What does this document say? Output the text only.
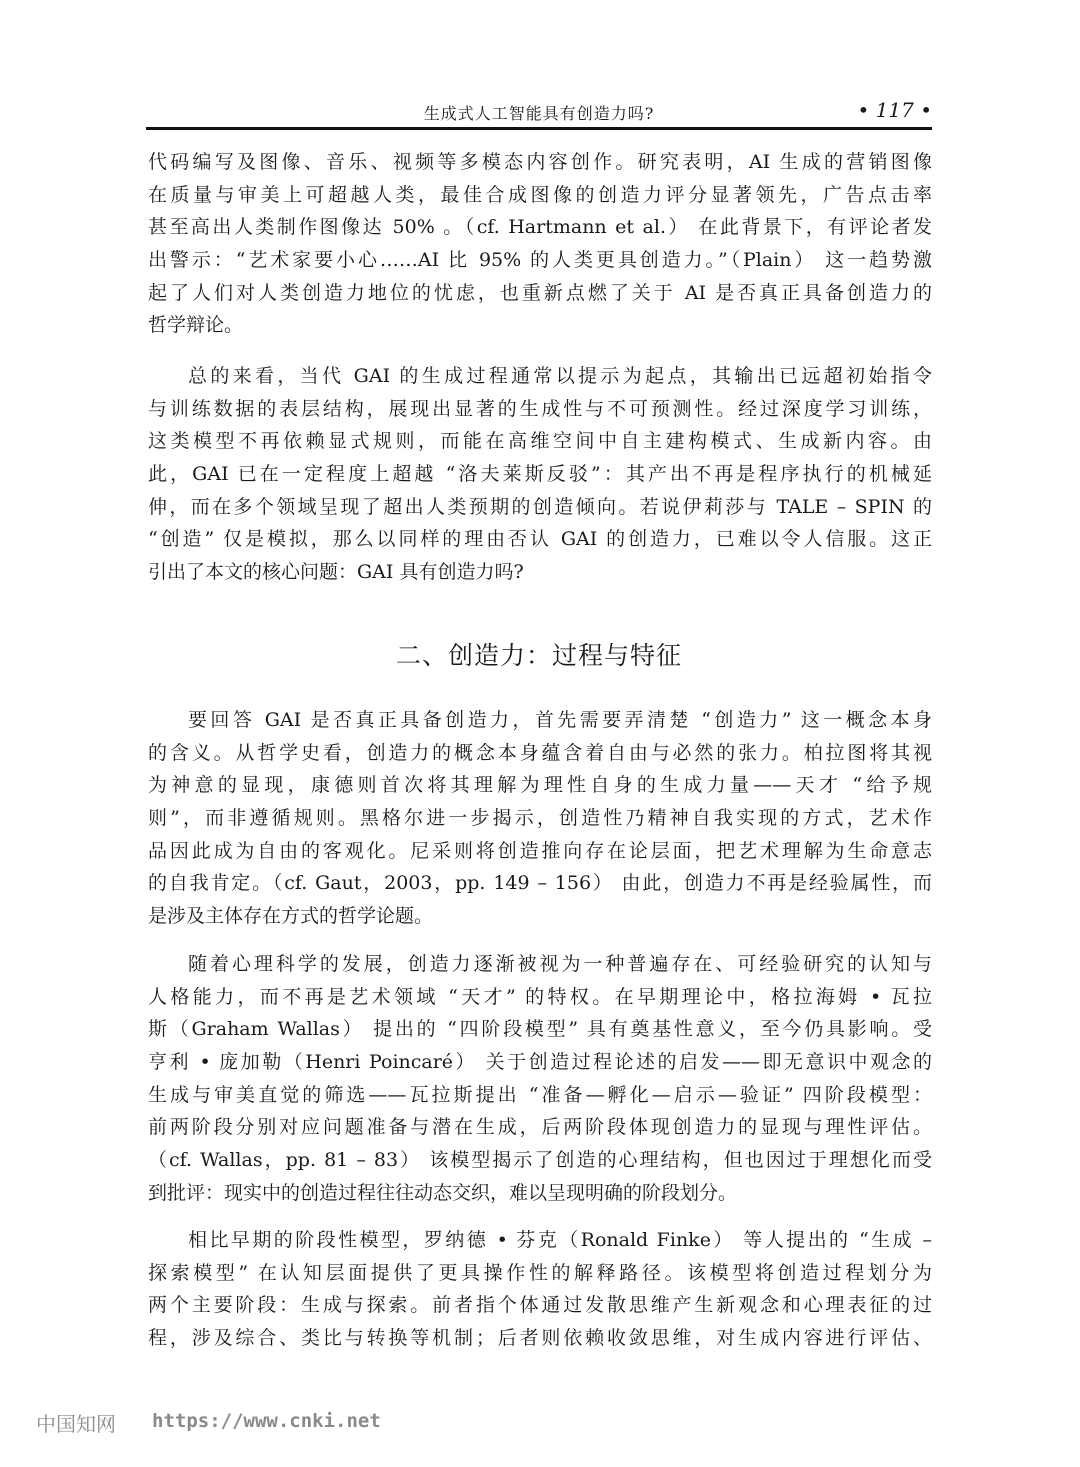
生成式人工智能具有创造力吗?	• 117 •
代码编写及图像、音乐、视频等多模态内容创作。研究表明，AI 生成的营销图像
在质量与审美上可超越人类，最佳合成图像的创造力评分显著领先，广告点击率
甚至高出人类制作图像达 50% 。（cf. Hartmann et al.） 在此背景下，有评论者发
出警示：“艺术家要小心……AI 比 95% 的人类更具创造力。”（Plain） 这一趋势激
起了人们对人类创造力地位的忧虑，也重新点燃了关于 AI 是否真正具备创造力的
哲学辩论。
总的来看，当代 GAI 的生成过程通常以提示为起点，其输出已远超初始指令
与训练数据的表层结构，展现出显著的生成性与不可预测性。经过深度学习训练，
这类模型不再依赖显式规则，而能在高维空间中自主建构模式、生成新内容。由
此，GAI 已在一定程度上超越 “洛夫莱斯反驳”：其产出不再是程序执行的机械延
伸，而在多个领域呈现了超出人类预期的创造倾向。若说伊莉莎与 TALE – SPIN 的
“创造” 仅是模拟，那么以同样的理由否认 GAI 的创造力，已难以令人信服。这正
引出了本文的核心问题：GAI 具有创造力吗?
二、创造力：过程与特征
要回答 GAI 是否真正具备创造力，首先需要弄清楚 “创造力” 这一概念本身
的含义。从哲学史看，创造力的概念本身蕴含着自由与必然的张力。柏拉图将其视
为神意的显现，康德则首次将其理解为理性自身的生成力量——天才 “给予规
则”，而非遵循规则。黑格尔进一步揭示，创造性乃精神自我实现的方式，艺术作
品因此成为自由的客观化。尼采则将创造推向存在论层面，把艺术理解为生命意志
的自我肯定。（cf. Gaut，2003，pp. 149 – 156） 由此，创造力不再是经验属性，而
是涉及主体存在方式的哲学论题。
随着心理科学的发展，创造力逐渐被视为一种普遍存在、可经验研究的认知与
人格能力，而不再是艺术领域 “天才” 的特权。在早期理论中，格拉海姆 • 瓦拉
斯（Graham Wallas） 提出的 “四阶段模型” 具有奠基性意义，至今仍具影响。受
亨利 • 庞加勒（Henri Poincaré） 关于创造过程论述的启发——即无意识中观念的
生成与审美直觉的筛选——瓦拉斯提出 “准备—孵化—启示—验证” 四阶段模型：
前两阶段分别对应问题准备与潜在生成，后两阶段体现创造力的显现与理性评估。
（cf. Wallas，pp. 81 – 83） 该模型揭示了创造的心理结构，但也因过于理想化而受
到批评：现实中的创造过程往往动态交织，难以呈现明确的阶段划分。
相比早期的阶段性模型，罗纳德 • 芬克（Ronald Finke） 等人提出的 “生成 –
探索模型” 在认知层面提供了更具操作性的解释路径。该模型将创造过程划分为
两个主要阶段：生成与探索。前者指个体通过发散思维产生新观念和心理表征的过
程，涉及综合、类比与转换等机制；后者则依赖收敛思维，对生成内容进行评估、
中国知网 https://www.cnki.net
